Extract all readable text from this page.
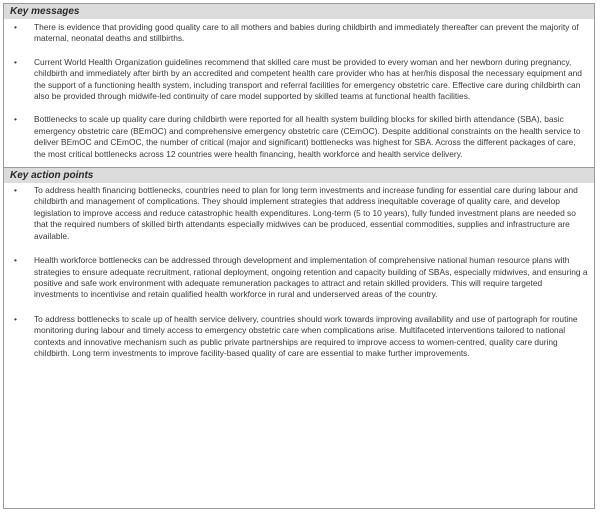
Key messages
• There is evidence that providing good quality care to all mothers and babies during childbirth and immediately thereafter can prevent the majority of maternal, neonatal deaths and stillbirths.
• Current World Health Organization guidelines recommend that skilled care must be provided to every woman and her newborn during pregnancy, childbirth and immediately after birth by an accredited and competent health care provider who has at her/his disposal the necessary equipment and the support of a functioning health system, including transport and referral facilities for emergency obstetric care. Effective care during childbirth can also be provided through midwife-led continuity of care model supported by skilled teams at functional health facilities.
• Bottlenecks to scale up quality care during childbirth were reported for all health system building blocks for skilled birth attendance (SBA), basic emergency obstetric care (BEmOC) and comprehensive emergency obstetric care (CEmOC). Despite additional constraints on the health service to deliver BEmOC and CEmOC, the number of critical (major and significant) bottlenecks was highest for SBA. Across the different packages of care, the most critical bottlenecks across 12 countries were health financing, health workforce and health service delivery.
Key action points
• To address health financing bottlenecks, countries need to plan for long term investments and increase funding for essential care during labour and childbirth and management of complications. They should implement strategies that address inequitable coverage of quality care, and develop legislation to improve access and reduce catastrophic health expenditures. Long-term (5 to 10 years), fully funded investment plans are needed so that the required numbers of skilled birth attendants especially midwives can be produced, essential commodities, supplies and infrastructure are available.
• Health workforce bottlenecks can be addressed through development and implementation of comprehensive national human resource plans with strategies to ensure adequate recruitment, rational deployment, ongoing retention and capacity building of SBAs, especially midwives, and ensuring a positive and safe work environment with adequate remuneration packages to attract and retain skilled providers. This will require targeted investments to incentivise and retain qualified health workforce in rural and underserved areas of the country.
• To address bottlenecks to scale up of health service delivery, countries should work towards improving availability and use of partograph for routine monitoring during labour and timely access to emergency obstetric care when complications arise. Multifaceted interventions tailored to national contexts and innovative mechanism such as public private partnerships are required to improve access to women-centred, quality care during childbirth. Long term investments to improve facility-based quality of care are essential to make further improvements.
